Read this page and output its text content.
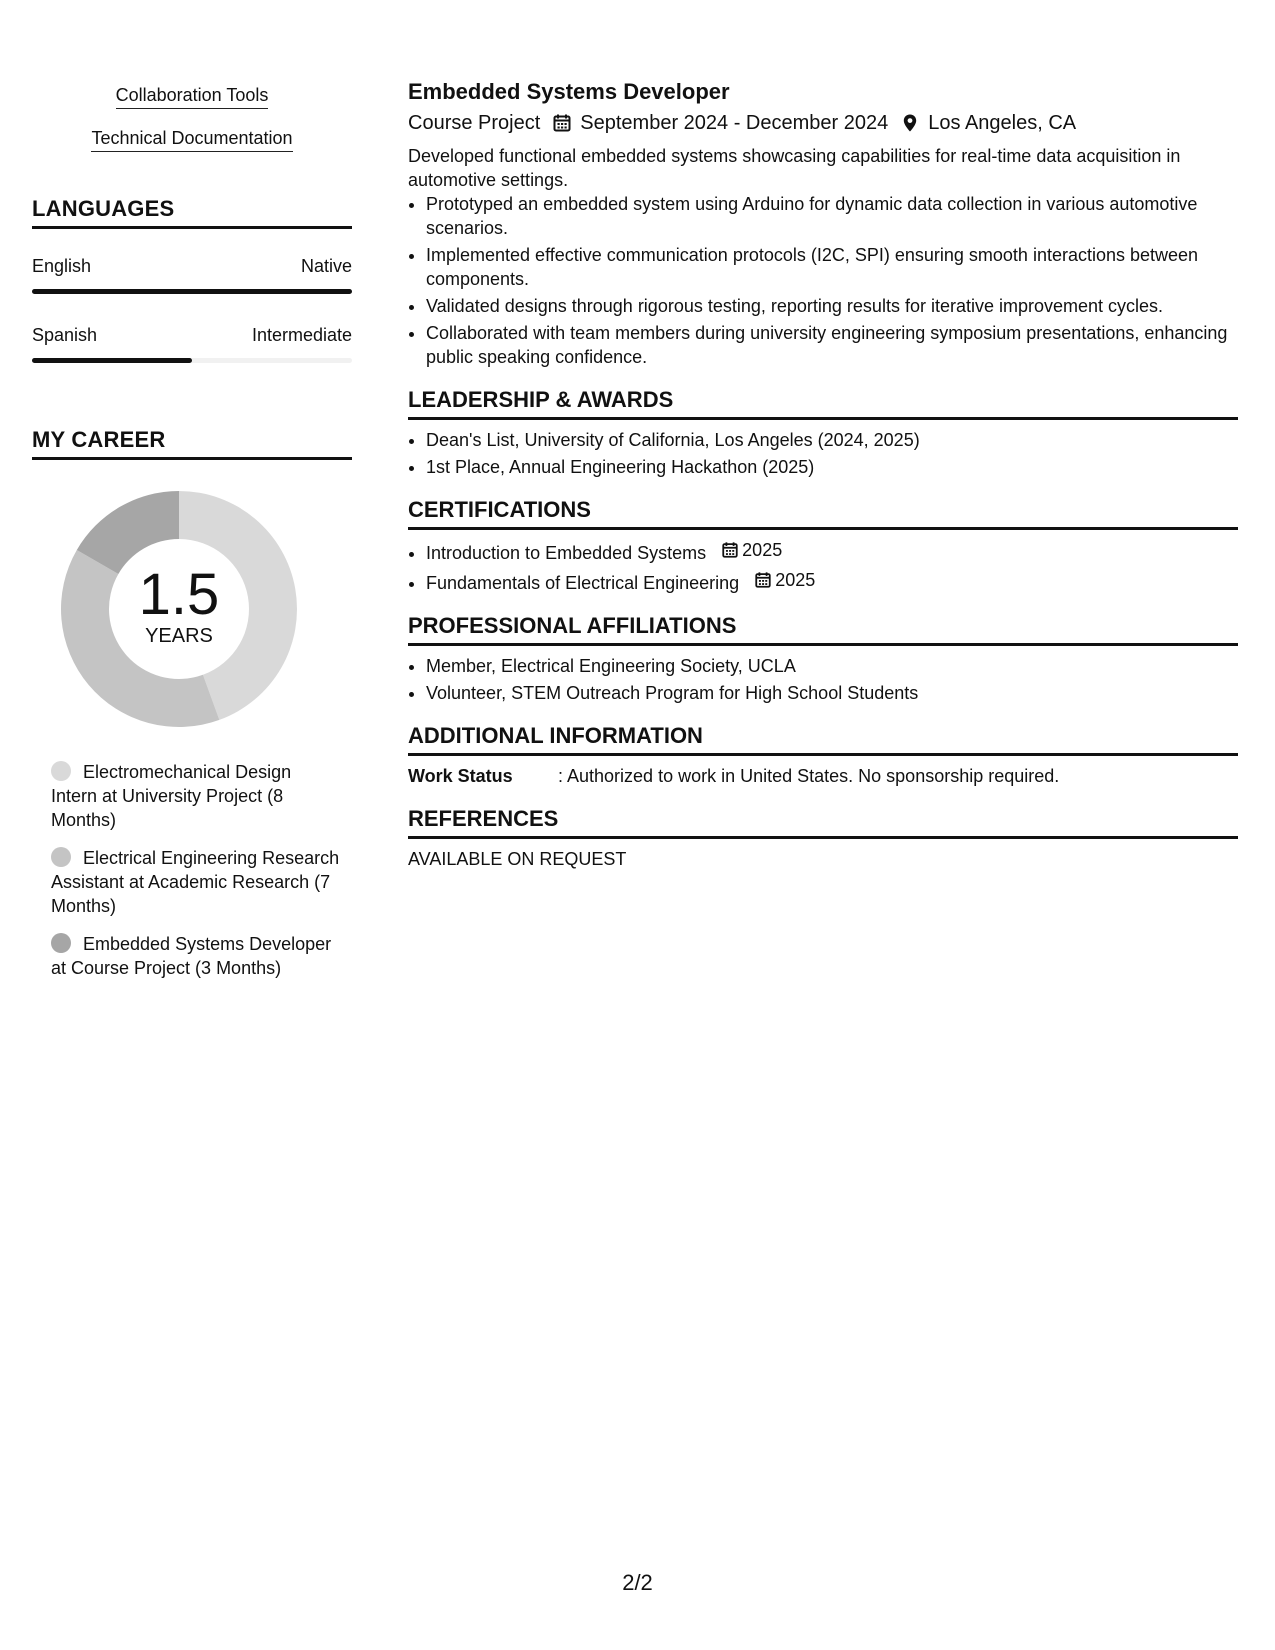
Collaboration Tools
Technical Documentation
LANGUAGES
English	Native
Spanish	Intermediate
MY CAREER
1.5
YEARS
Electromechanical Design Intern at University Project (8 Months)
Electrical Engineering Research Assistant at Academic Research (7 Months)
Embedded Systems Developer at Course Project (3 Months)
Embedded Systems Developer
Course Project September 2024 - December 2024 Los Angeles, CA
Developed functional embedded systems showcasing capabilities for real-time data acquisition in automotive settings.
• Prototyped an embedded system using Arduino for dynamic data collection in various automotive scenarios.
• Implemented effective communication protocols (I2C, SPI) ensuring smooth interactions between components.
• Validated designs through rigorous testing, reporting results for iterative improvement cycles.
• Collaborated with team members during university engineering symposium presentations, enhancing public speaking confidence.
LEADERSHIP & AWARDS
• Dean's List, University of California, Los Angeles (2024, 2025)
• 1st Place, Annual Engineering Hackathon (2025)
CERTIFICATIONS
• Introduction to Embedded Systems 2025
• Fundamentals of Electrical Engineering 2025
PROFESSIONAL AFFILIATIONS
• Member, Electrical Engineering Society, UCLA
• Volunteer, STEM Outreach Program for High School Students
ADDITIONAL INFORMATION
Work Status	: Authorized to work in United States. No sponsorship required.
REFERENCES
AVAILABLE ON REQUEST
2/2
